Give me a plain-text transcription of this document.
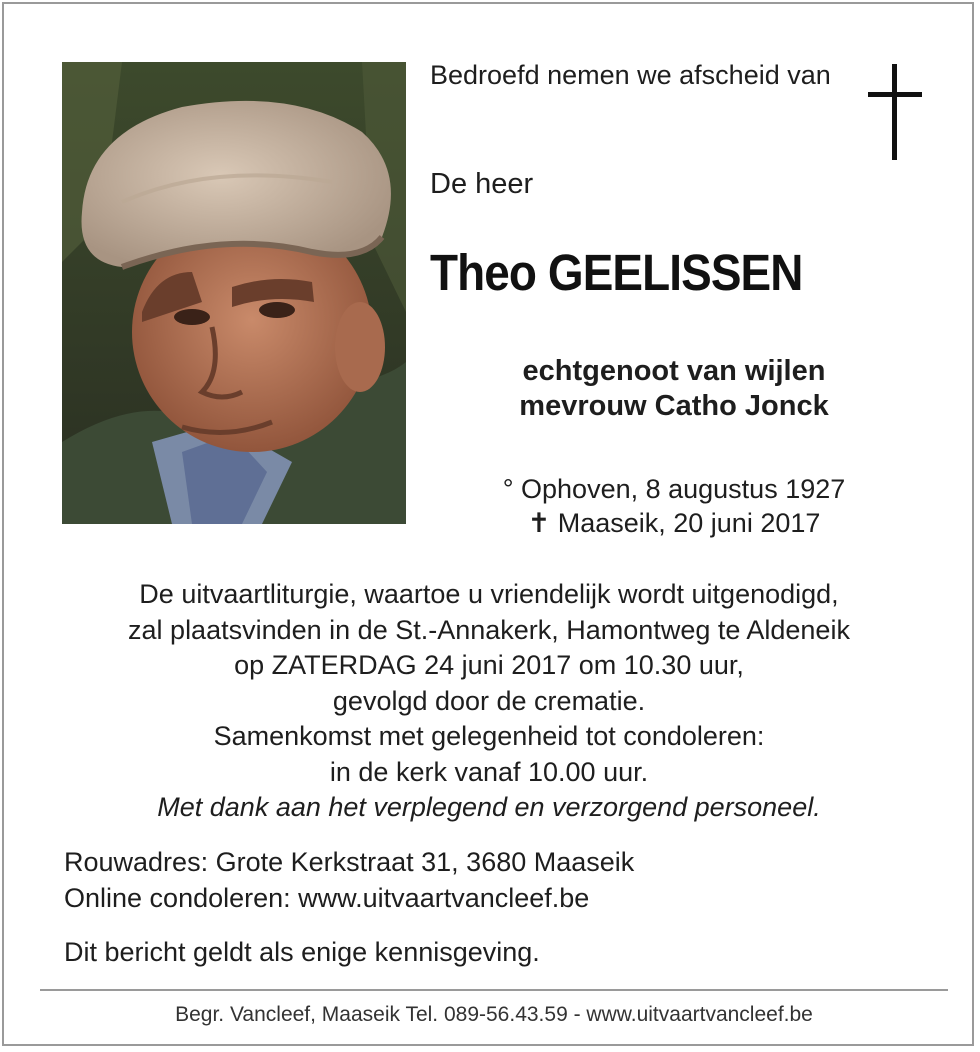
Bedroefd nemen we afscheid van

De heer

Theo GEELISSEN

echtgenoot van wijlen
mevrouw Catho Jonck

° Ophoven, 8 augustus 1927

✝ Maaseik, 20 juni 2017

De uitvaartliturgie, waartoe u vriendelijk wordt uitgenodigd,
zal plaatsvinden in de St.-Annakerk, Hamontweg te Aldeneik
op ZATERDAG 24 juni 2017 om 10.30 uur,
gevolgd door de crematie.
Samenkomst met gelegenheid tot condoleren:
in de kerk vanaf 10.00 uur.
Met dank aan het verplegend en verzorgend personeel.
Rouwadres: Grote Kerkstraat 31, 3680 Maaseik
Online condoleren: www.uitvaartvancleef.be

Dit bericht geldt als enige kennisgeving.

Begr. Vancleef, Maaseik Tel. 089-56.43.59 - www.uitvaartvancleef.be
